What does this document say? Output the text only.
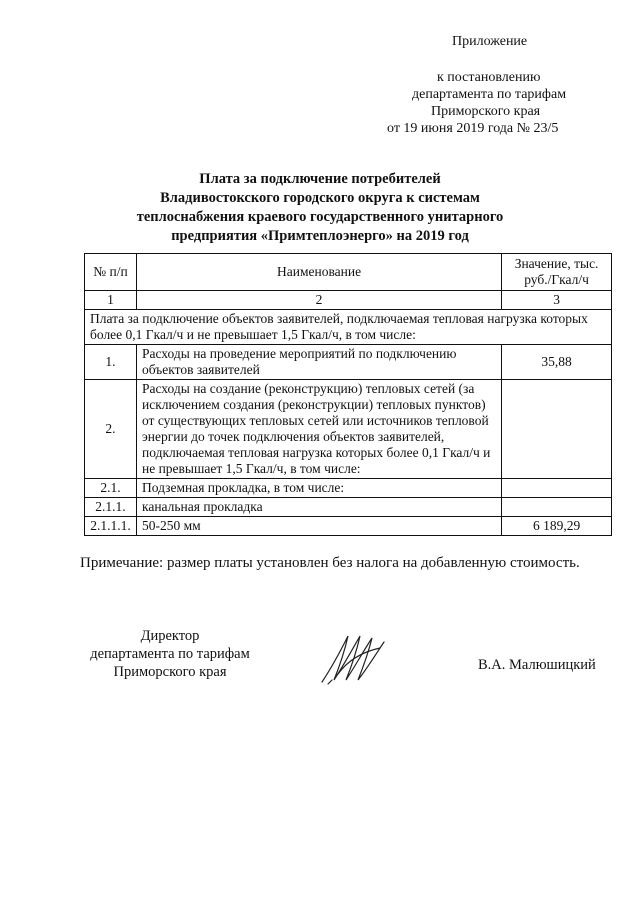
Приложение
к постановлению
департамента по тарифам
Приморского края
от 19 июня 2019 года № 23/5
Плата за подключение потребителей
Владивостокского городского округа к системам
теплоснабжения краевого государственного унитарного
предприятия «Примтеплоэнерго» на 2019 год
№ п/п	Наименование	Значение, тыс. руб./Гкал/ч
1	2	3
Плата за подключение объектов заявителей, подключаемая тепловая нагрузка которых более 0,1 Гкал/ч и не превышает 1,5 Гкал/ч, в том числе:		
1.	Расходы на проведение мероприятий по подключению объектов заявителей	35,88
2.	Расходы на создание (реконструкцию) тепловых сетей (за исключением создания (реконструкции) тепловых пунктов) от существующих тепловых сетей или источников тепловой энергии до точек подключения объектов заявителей, подключаемая тепловая нагрузка которых более 0,1 Гкал/ч и не превышает 1,5 Гкал/ч, в том числе:	
2.1.	Подземная прокладка, в том числе:	
2.1.1.	канальная прокладка	
2.1.1.1.	50-250 мм	6 189,29
Примечание: размер платы установлен без налога на добавленную стоимость.
Директор
департамента по тарифам
Приморского края	В.А. Малюшицкий
